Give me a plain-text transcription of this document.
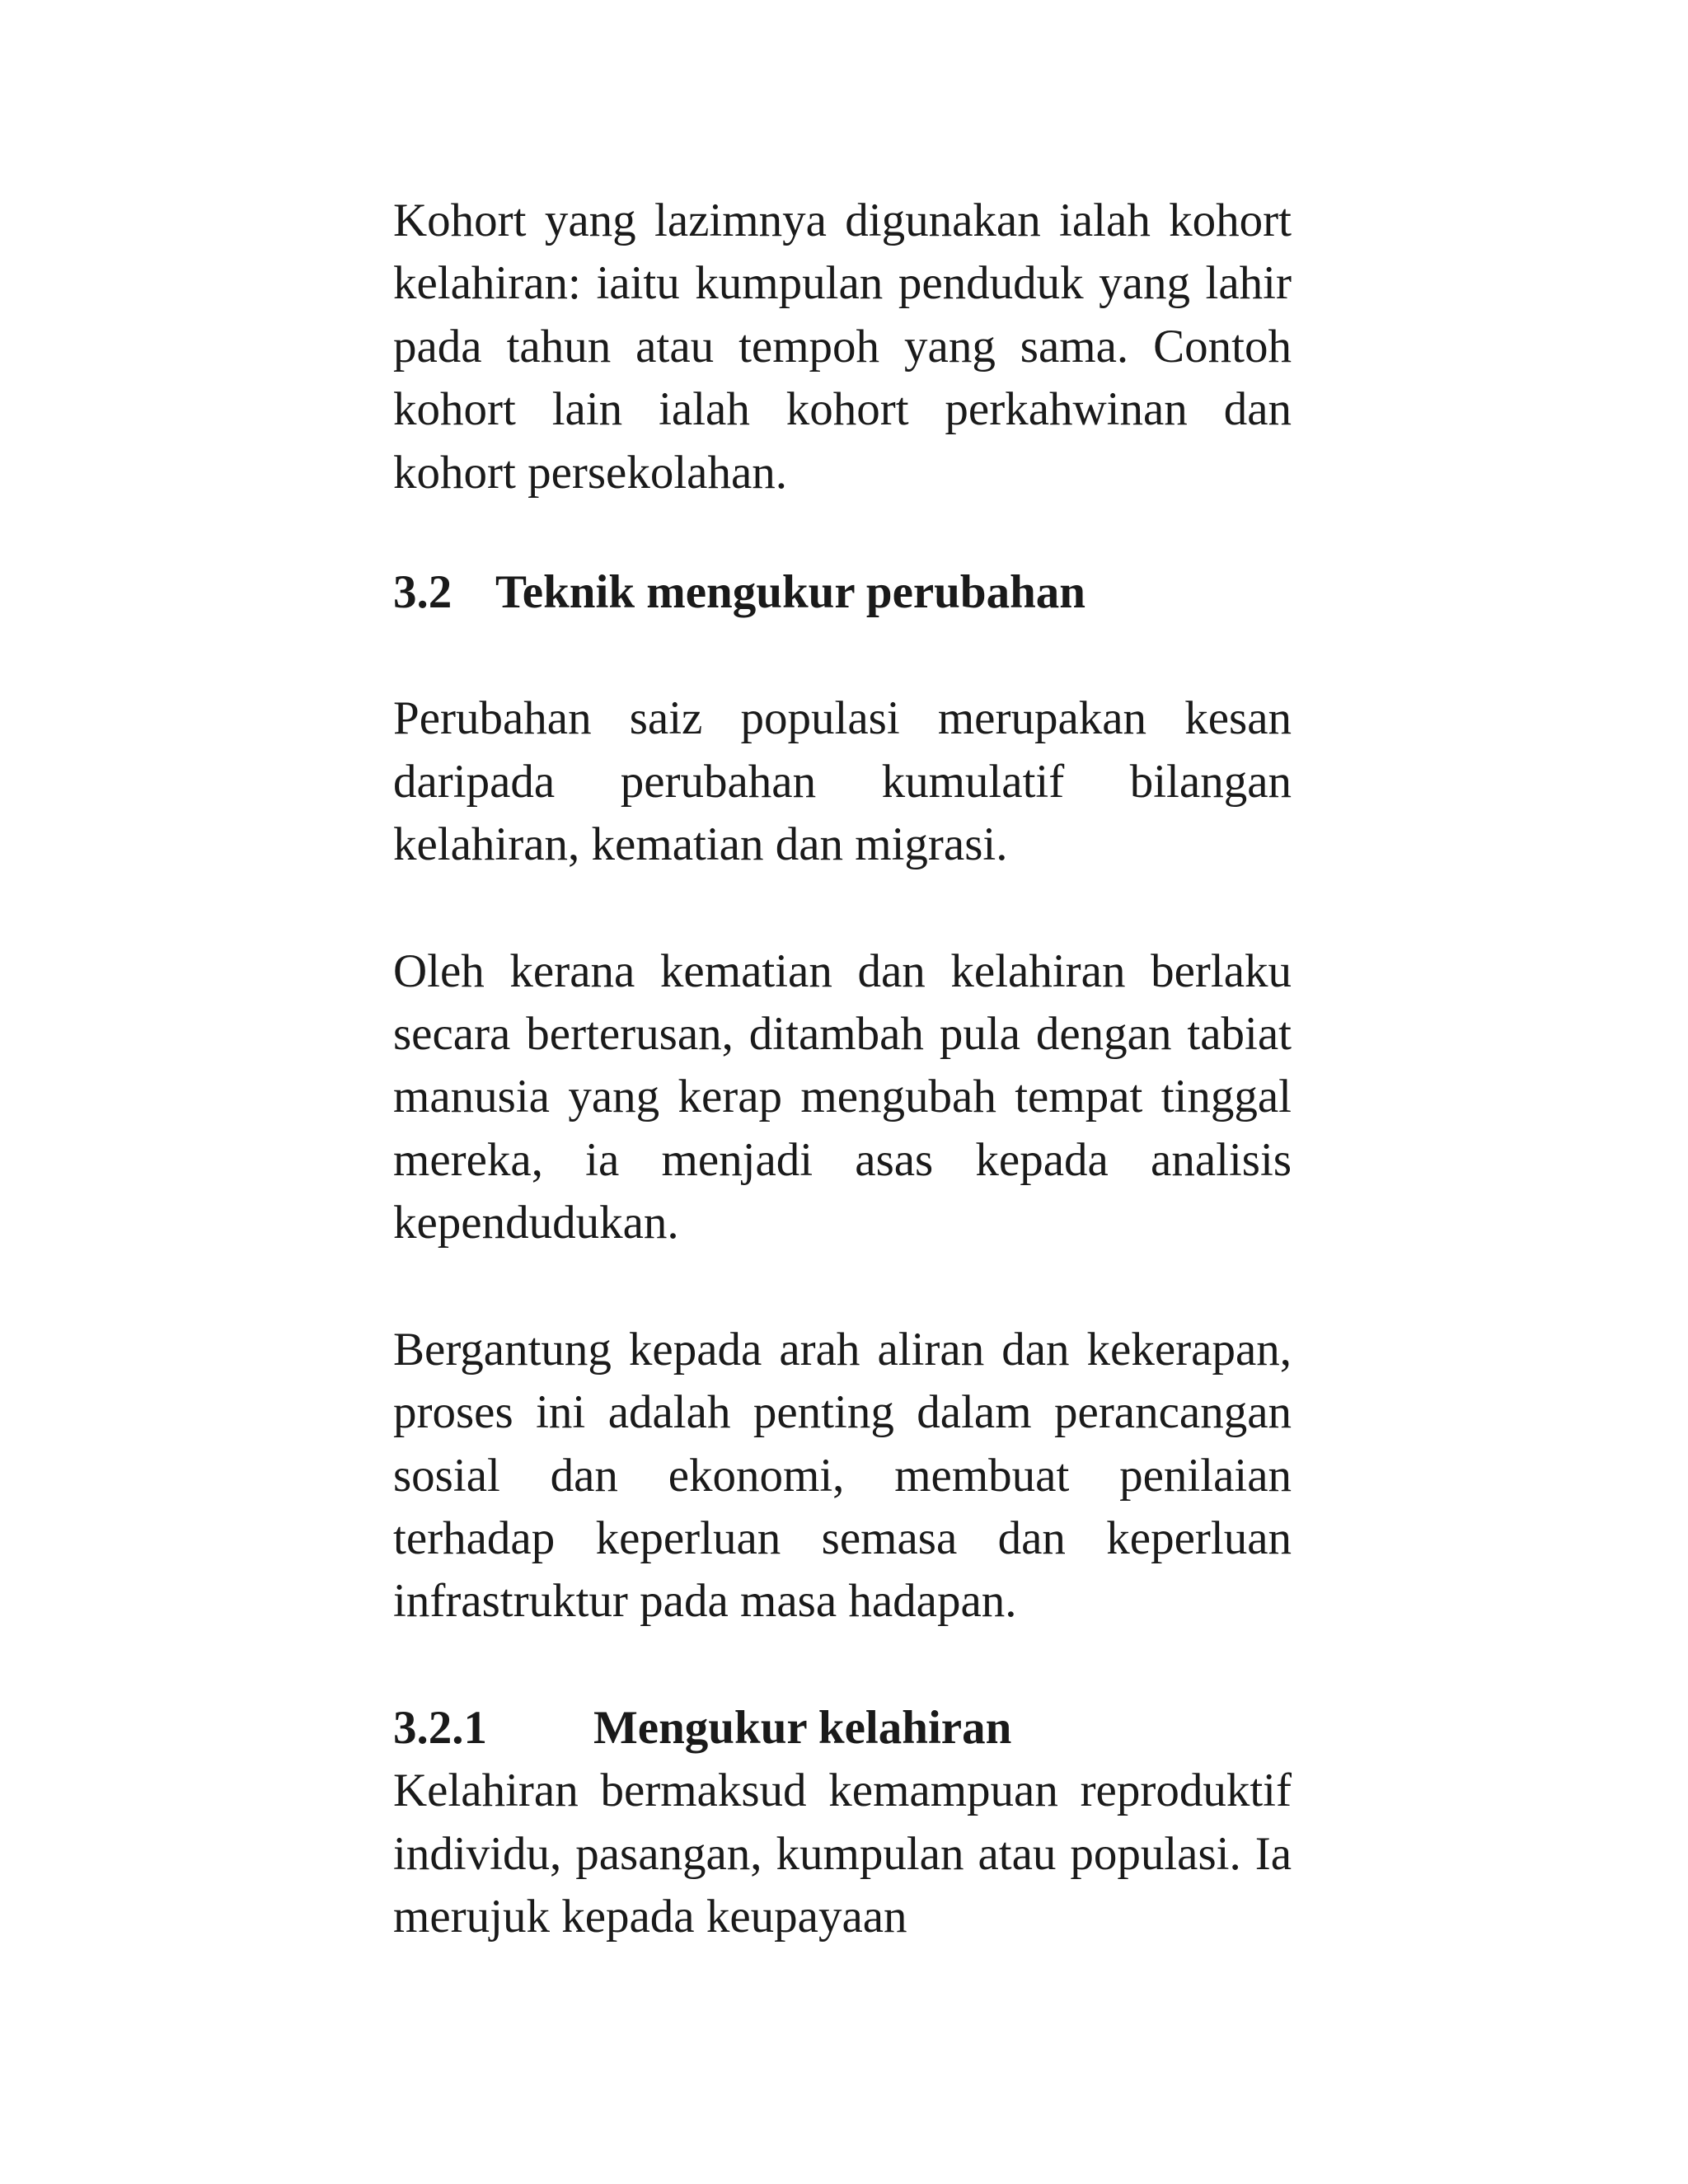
Kohort yang lazimnya digunakan ialah kohort kelahiran: iaitu kumpulan penduduk yang lahir pada tahun atau tempoh yang sama. Contoh kohort lain ialah kohort perkahwinan dan kohort persekolahan.

3.2 Teknik mengukur perubahan

Perubahan saiz populasi merupakan kesan daripada perubahan kumulatif bilangan kelahiran, kematian dan migrasi.

Oleh kerana kematian dan kelahiran berlaku secara berterusan, ditambah pula dengan tabiat manusia yang kerap mengubah tempat tinggal mereka, ia menjadi asas kepada analisis kependudukan.

Bergantung kepada arah aliran dan kekerapan, proses ini adalah penting dalam perancangan sosial dan ekonomi, membuat penilaian terhadap keperluan semasa dan keperluan infrastruktur pada masa hadapan.

3.2.1 Mengukur kelahiran

Kelahiran bermaksud kemampuan reproduktif individu, pasangan, kumpulan atau populasi. Ia merujuk kepada keupayaan
